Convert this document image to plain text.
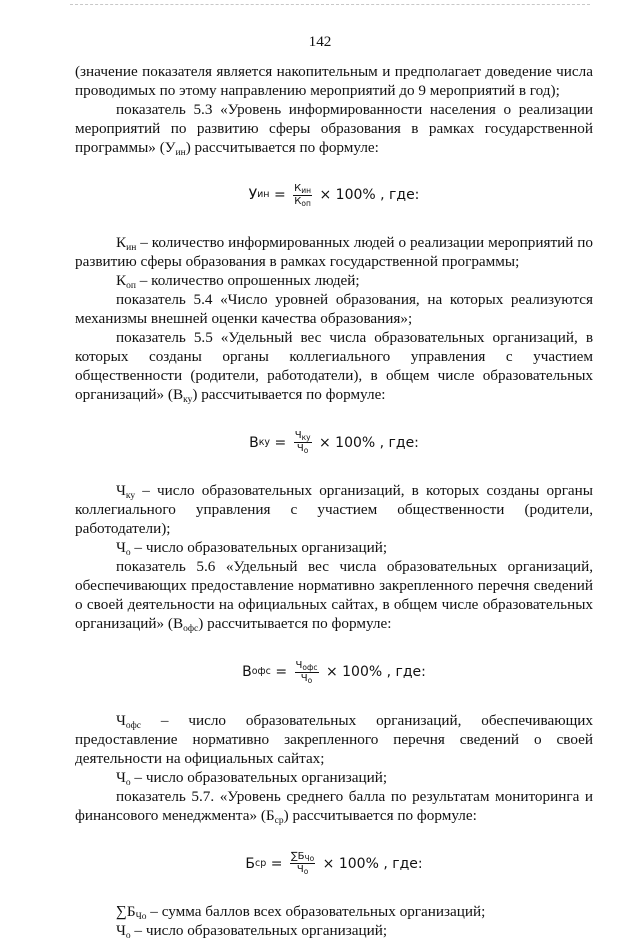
142

(значение показателя является накопительным и предполагает доведение числа проводимых по этому направлению мероприятий до 9 мероприятий в год);

показатель 5.3 «Уровень информированности населения о реализации мероприятий по развитию сферы образования в рамках государственной программы» $(У_{ин})$ рассчитывается по формуле:

У ин = $\frac{К_{ин}}{К_{оп}} \times 100\%$ , где:

$К_{ин}$ – количество информированных людей о реализации мероприятий по развитию сферы образования в рамках государственной программы;

$К_{оп}$ – количество опрошенных людей;

показатель 5.4 «Число уровней образования, на которых реализуются механизмы внешней оценки качества образования»;

показатель 5.5 «Удельный вес числа образовательных организаций, в которых созданы органы коллегиального управления с участием общественности (родители, работодатели), в общем числе образовательных организаций» $(В_{ку})$ рассчитывается по формуле:

В ку = $\frac{Ч_{ку}}{Ч_о} \times 100\%$ , где:

$Ч_{ку}$ – число образовательных организаций, в которых созданы органы коллегиального управления с участием общественности (родители, работодатели);

$Ч_о$ – число образовательных организаций;

показатель 5.6 «Удельный вес числа образовательных организаций, обеспечивающих предоставление нормативно закрепленного перечня сведений о своей деятельности на официальных сайтах, в общем числе образовательных организаций» $(В_{офс})$ рассчитывается по формуле:

В офс = $\frac{Ч_{офс}}{Ч_о} \times 100\%$ , где:

$Ч_{офс}$ – число образовательных организаций, обеспечивающих предоставление нормативно закрепленного перечня сведений о своей деятельности на официальных сайтах;

$Ч_о$ – число образовательных организаций;

показатель 5.7. «Уровень среднего балла по результатам мониторинга и финансового менеджмента» $(Б_{ср})$ рассчитывается по формуле:

Б ср = $\frac{\sum Б_{Чо}}{Ч_о} \times 100\%$ , где:

$\sum Б_{Чо}$ – сумма баллов всех образовательных организаций;

$Ч_о$ – число образовательных организаций;
